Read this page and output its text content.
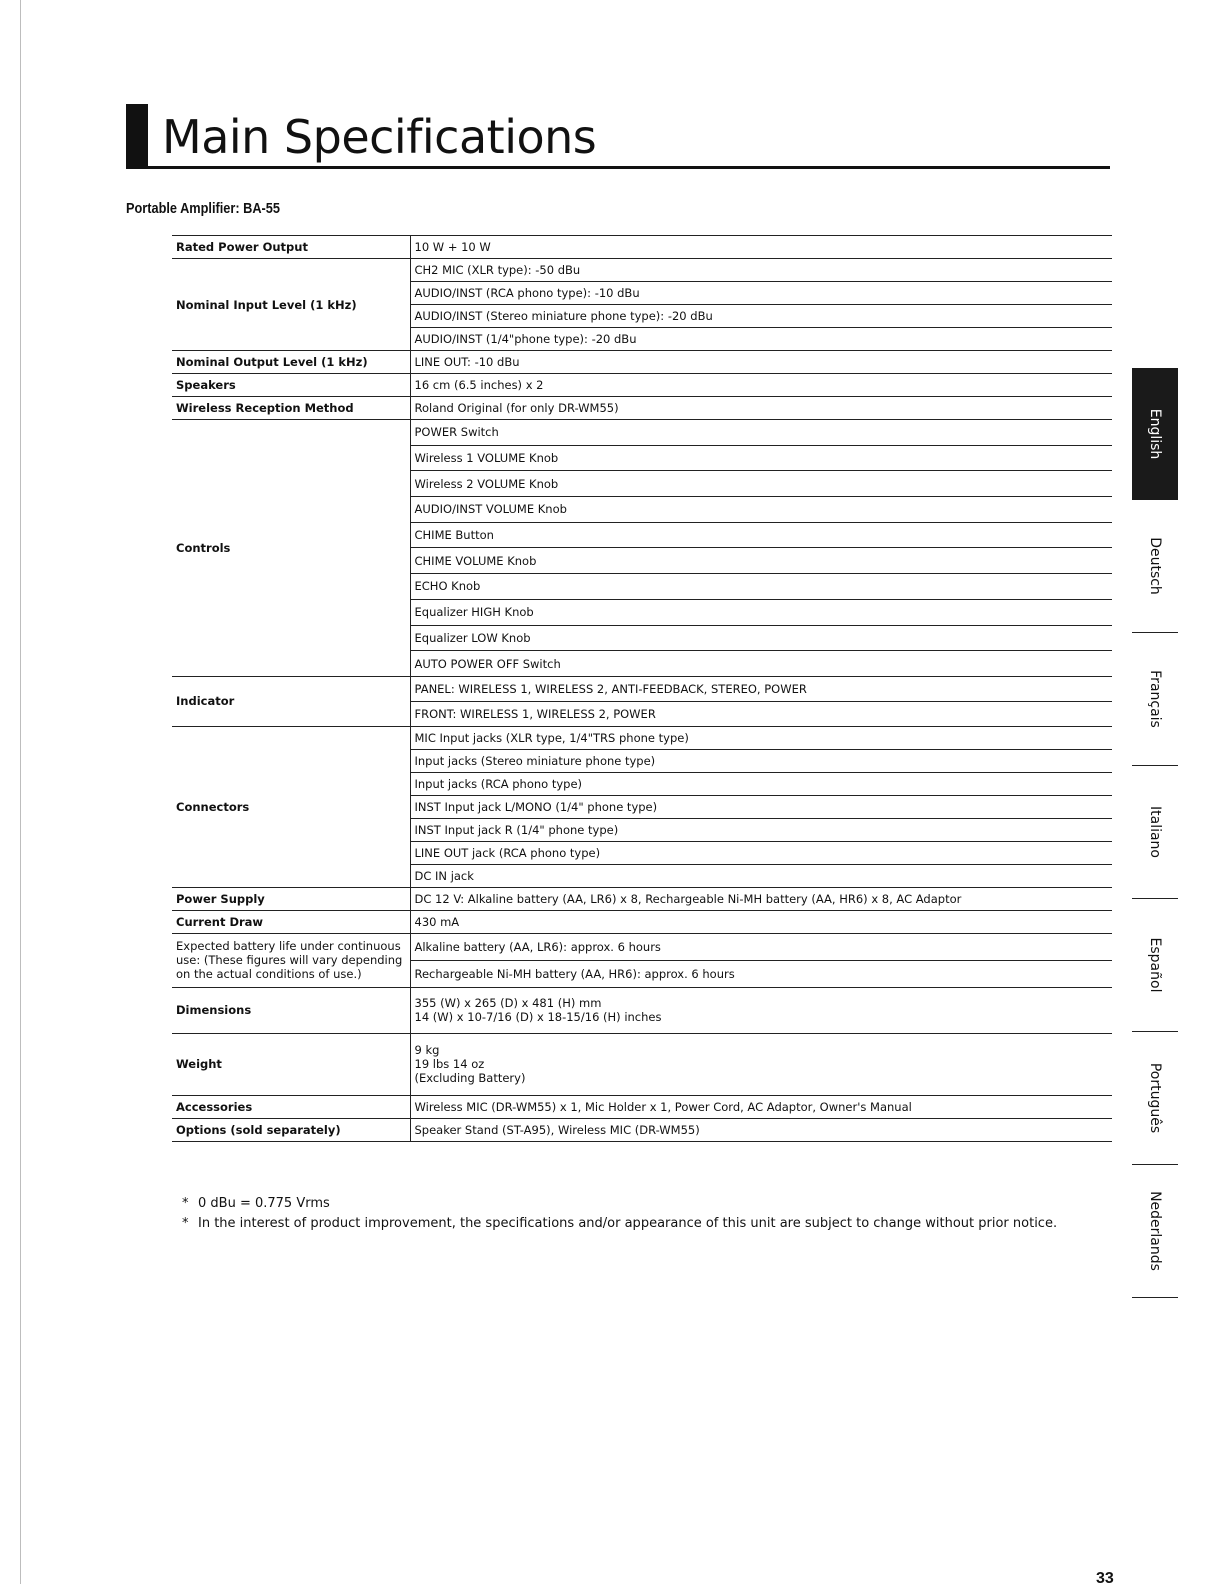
Main Specifications
Portable Amplifier: BA-55
Rated Power Output	10 W + 10 W
Nominal Input Level (1 kHz)	CH2 MIC (XLR type): -50 dBu
	AUDIO/INST (RCA phono type): -10 dBu
	AUDIO/INST (Stereo miniature phone type): -20 dBu
	AUDIO/INST (1/4"phone type): -20 dBu
Nominal Output Level (1 kHz)	LINE OUT: -10 dBu
Speakers	16 cm (6.5 inches) x 2
Wireless Reception Method	Roland Original (for only DR-WM55)
Controls	POWER Switch
	Wireless 1 VOLUME Knob
	Wireless 2 VOLUME Knob
	AUDIO/INST VOLUME Knob
	CHIME Button
	CHIME VOLUME Knob
	ECHO Knob
	Equalizer HIGH Knob
	Equalizer LOW Knob
	AUTO POWER OFF Switch
Indicator	PANEL: WIRELESS 1, WIRELESS 2, ANTI-FEEDBACK, STEREO, POWER
	FRONT: WIRELESS 1, WIRELESS 2, POWER
Connectors	MIC Input jacks (XLR type, 1/4"TRS phone type)
	Input jacks (Stereo miniature phone type)
	Input jacks (RCA phono type)
	INST Input jack L/MONO (1/4" phone type)
	INST Input jack R (1/4" phone type)
	LINE OUT jack (RCA phono type)
	DC IN jack
Power Supply	DC 12 V: Alkaline battery (AA, LR6) x 8, Rechargeable Ni-MH battery (AA, HR6) x 8, AC Adaptor
Current Draw	430 mA
Expected battery life under continuous use: (These figures will vary depending on the actual conditions of use.)	Alkaline battery (AA, LR6): approx. 6 hours
	Rechargeable Ni-MH battery (AA, HR6): approx. 6 hours
Dimensions	355 (W) x 265 (D) x 481 (H) mm
14 (W) x 10-7/16 (D) x 18-15/16 (H) inches
Weight	9 kg
19 lbs 14 oz
(Excluding Battery)
Accessories	Wireless MIC (DR-WM55) x 1, Mic Holder x 1, Power Cord, AC Adaptor, Owner's Manual
Options (sold separately)	Speaker Stand (ST-A95), Wireless MIC (DR-WM55)
* 0 dBu = 0.775 Vrms
* In the interest of product improvement, the specifications and/or appearance of this unit are subject to change without prior notice.
English
Deutsch
Français
Italiano
Español
Português
Nederlands
33
